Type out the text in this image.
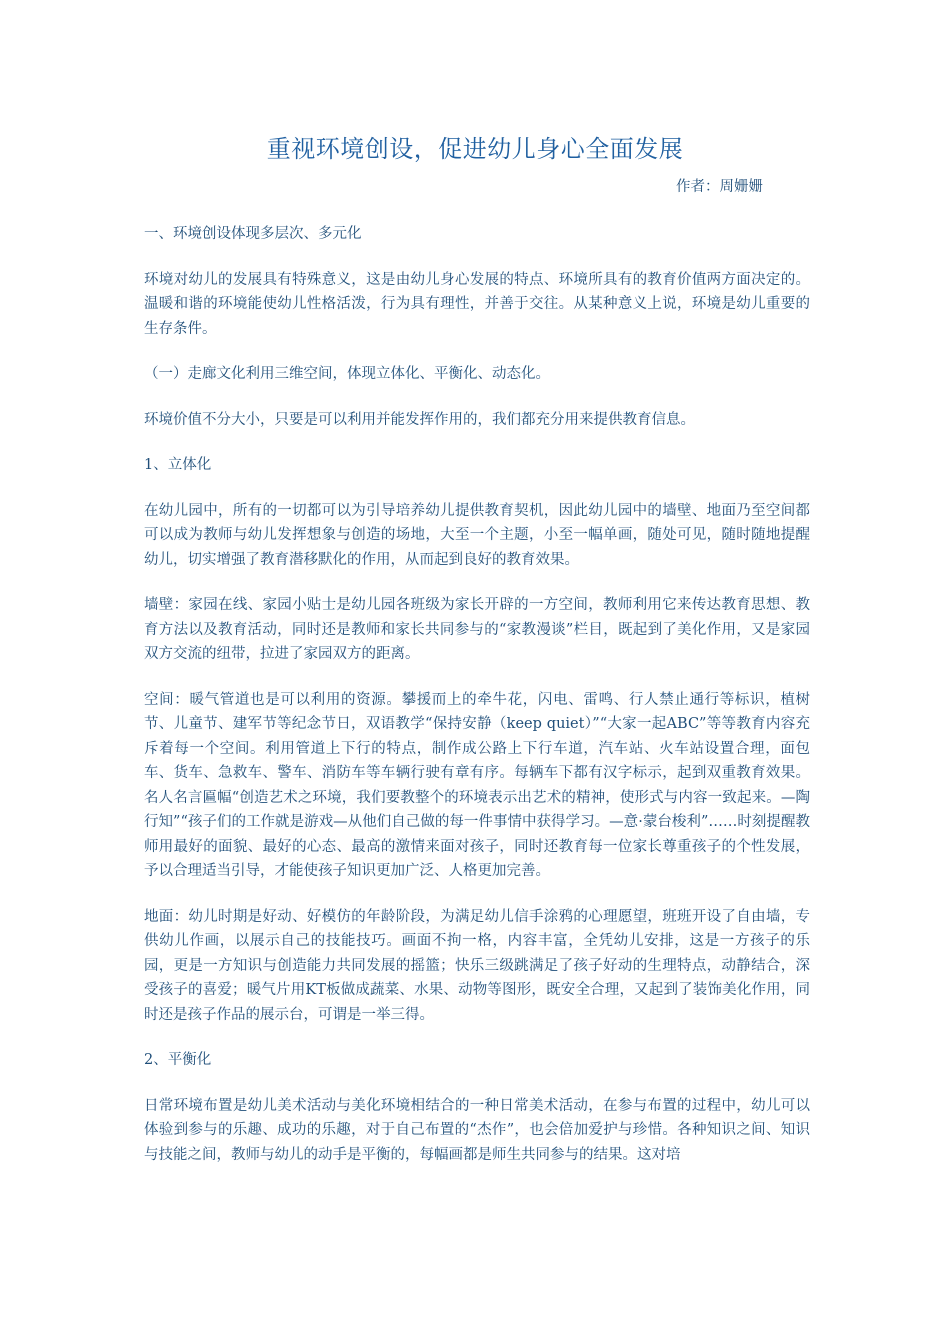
重视环境创设，促进幼儿身心全面发展
作者：周姗姗

一、环境创设体现多层次、多元化

环境对幼儿的发展具有特殊意义，这是由幼儿身心发展的特点、环境所具有的教育价值两方面决定的。温暖和谐的环境能使幼儿性格活泼，行为具有理性，并善于交往。从某种意义上说，环境是幼儿重要的生存条件。

（一）走廊文化利用三维空间，体现立体化、平衡化、动态化。

环境价值不分大小，只要是可以利用并能发挥作用的，我们都充分用来提供教育信息。

1、立体化

在幼儿园中，所有的一切都可以为引导培养幼儿提供教育契机，因此幼儿园中的墙壁、地面乃至空间都可以成为教师与幼儿发挥想象与创造的场地，大至一个主题，小至一幅单画，随处可见，随时随地提醒幼儿，切实增强了教育潜移默化的作用，从而起到良好的教育效果。

墙壁：家园在线、家园小贴士是幼儿园各班级为家长开辟的一方空间，教师利用它来传达教育思想、教育方法以及教育活动，同时还是教师和家长共同参与的“家教漫谈”栏目，既起到了美化作用，又是家园双方交流的纽带，拉进了家园双方的距离。

空间：暖气管道也是可以利用的资源。攀援而上的牵牛花，闪电、雷鸣、行人禁止通行等标识，植树节、儿童节、建军节等纪念节日，双语教学“保持安静（keep quiet）”“大家一起ABC”等等教育内容充斥着每一个空间。利用管道上下行的特点，制作成公路上下行车道，汽车站、火车站设置合理，面包车、货车、急救车、警车、消防车等车辆行驶有章有序。每辆车下都有汉字标示，起到双重教育效果。名人名言匾幅“创造艺术之环境，我们要教整个的环境表示出艺术的精神，使形式与内容一致起来。—陶行知”“孩子们的工作就是游戏—从他们自己做的每一件事情中获得学习。—意·蒙台梭利”……时刻提醒教师用最好的面貌、最好的心态、最高的激情来面对孩子，同时还教育每一位家长尊重孩子的个性发展，予以合理适当引导，才能使孩子知识更加广泛、人格更加完善。

地面：幼儿时期是好动、好模仿的年龄阶段，为满足幼儿信手涂鸦的心理愿望，班班开设了自由墙，专供幼儿作画，以展示自己的技能技巧。画面不拘一格，内容丰富，全凭幼儿安排，这是一方孩子的乐园，更是一方知识与创造能力共同发展的摇篮；快乐三级跳满足了孩子好动的生理特点，动静结合，深受孩子的喜爱；暖气片用KT板做成蔬菜、水果、动物等图形，既安全合理，又起到了装饰美化作用，同时还是孩子作品的展示台，可谓是一举三得。

2、平衡化

日常环境布置是幼儿美术活动与美化环境相结合的一种日常美术活动，在参与布置的过程中，幼儿可以体验到参与的乐趣、成功的乐趣，对于自己布置的“杰作”，也会倍加爱护与珍惜。各种知识之间、知识与技能之间，教师与幼儿的动手是平衡的，每幅画都是师生共同参与的结果。这对培
